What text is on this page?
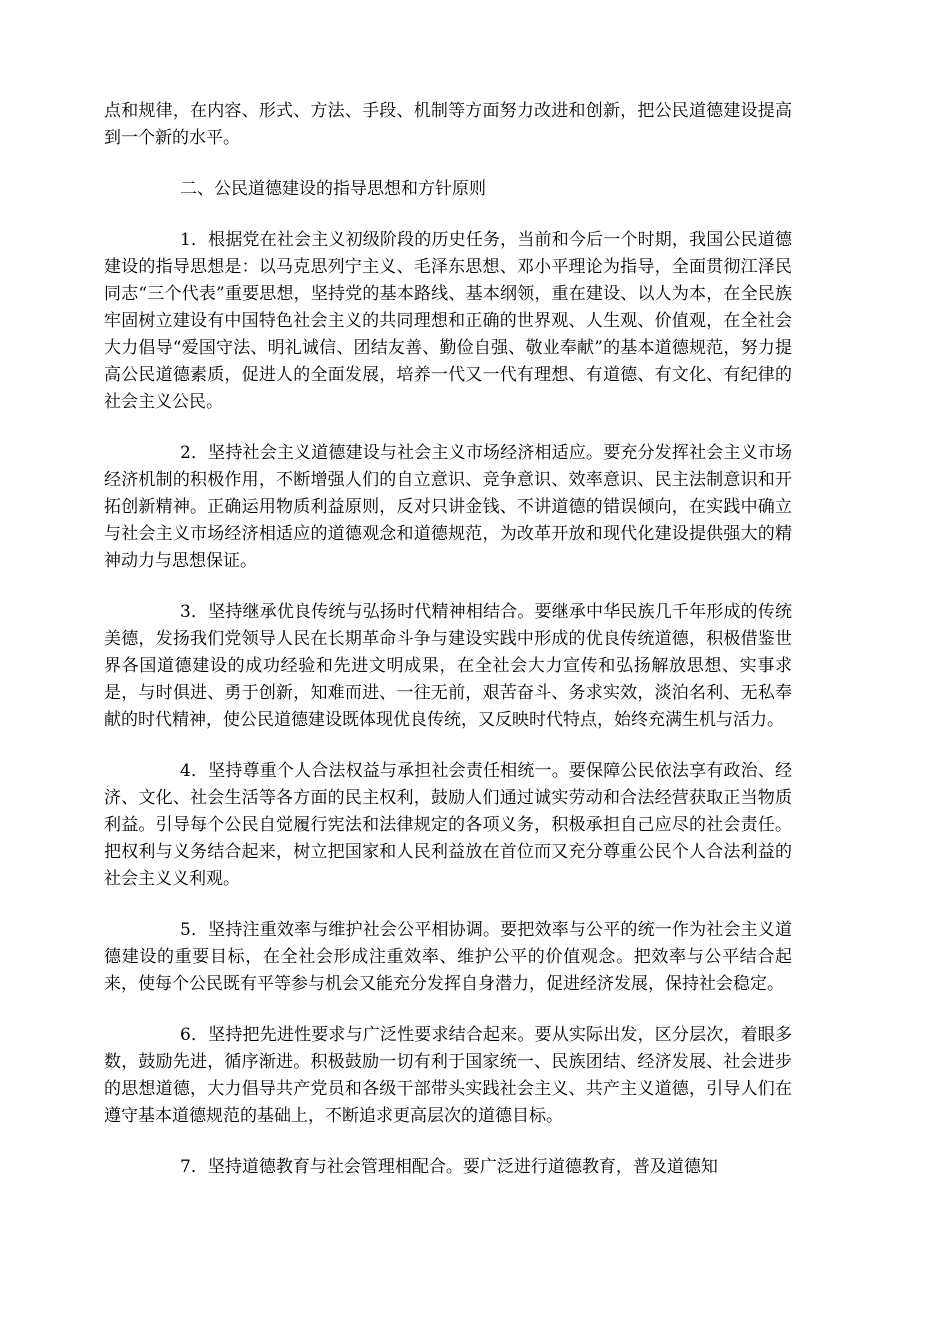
点和规律，在内容、形式、方法、手段、机制等方面努力改进和创新，把公民道德建设提高到一个新的水平。

二、公民道德建设的指导思想和方针原则

1．根据党在社会主义初级阶段的历史任务，当前和今后一个时期，我国公民道德建设的指导思想是：以马克思列宁主义、毛泽东思想、邓小平理论为指导，全面贯彻江泽民同志“三个代表”重要思想，坚持党的基本路线、基本纲领，重在建设、以人为本，在全民族牢固树立建设有中国特色社会主义的共同理想和正确的世界观、人生观、价值观，在全社会大力倡导“爱国守法、明礼诚信、团结友善、勤俭自强、敬业奉献”的基本道德规范，努力提高公民道德素质，促进人的全面发展，培养一代又一代有理想、有道德、有文化、有纪律的社会主义公民。

2．坚持社会主义道德建设与社会主义市场经济相适应。要充分发挥社会主义市场经济机制的积极作用，不断增强人们的自立意识、竞争意识、效率意识、民主法制意识和开拓创新精神。正确运用物质利益原则，反对只讲金钱、不讲道德的错误倾向，在实践中确立与社会主义市场经济相适应的道德观念和道德规范，为改革开放和现代化建设提供强大的精神动力与思想保证。

3．坚持继承优良传统与弘扬时代精神相结合。要继承中华民族几千年形成的传统美德，发扬我们党领导人民在长期革命斗争与建设实践中形成的优良传统道德，积极借鉴世界各国道德建设的成功经验和先进文明成果，在全社会大力宣传和弘扬解放思想、实事求是，与时俱进、勇于创新，知难而进、一往无前，艰苦奋斗、务求实效，淡泊名利、无私奉献的时代精神，使公民道德建设既体现优良传统，又反映时代特点，始终充满生机与活力。

4．坚持尊重个人合法权益与承担社会责任相统一。要保障公民依法享有政治、经济、文化、社会生活等各方面的民主权利，鼓励人们通过诚实劳动和合法经营获取正当物质利益。引导每个公民自觉履行宪法和法律规定的各项义务，积极承担自己应尽的社会责任。把权利与义务结合起来，树立把国家和人民利益放在首位而又充分尊重公民个人合法利益的社会主义义利观。

5．坚持注重效率与维护社会公平相协调。要把效率与公平的统一作为社会主义道德建设的重要目标，在全社会形成注重效率、维护公平的价值观念。把效率与公平结合起来，使每个公民既有平等参与机会又能充分发挥自身潜力，促进经济发展，保持社会稳定。

6．坚持把先进性要求与广泛性要求结合起来。要从实际出发，区分层次，着眼多数，鼓励先进，循序渐进。积极鼓励一切有利于国家统一、民族团结、经济发展、社会进步的思想道德，大力倡导共产党员和各级干部带头实践社会主义、共产主义道德，引导人们在遵守基本道德规范的基础上，不断追求更高层次的道德目标。

7．坚持道德教育与社会管理相配合。要广泛进行道德教育，普及道德知
